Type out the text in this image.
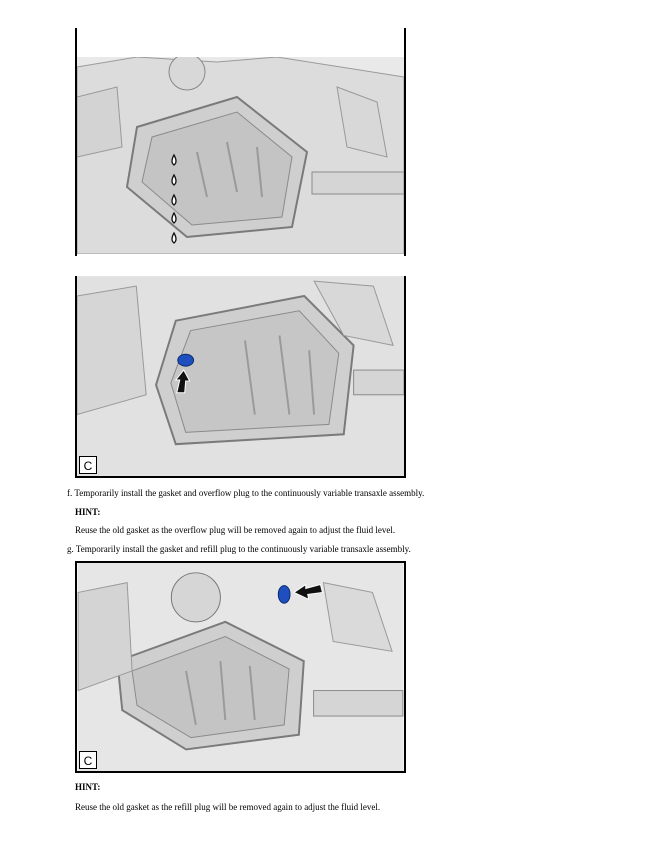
C
f. Temporarily install the gasket and overflow plug to the continuously variable transaxle assembly.
HINT:
Reuse the old gasket as the overflow plug will be removed again to adjust the fluid level.
g. Temporarily install the gasket and refill plug to the continuously variable transaxle assembly.
C
HINT:
Reuse the old gasket as the refill plug will be removed again to adjust the fluid level.
